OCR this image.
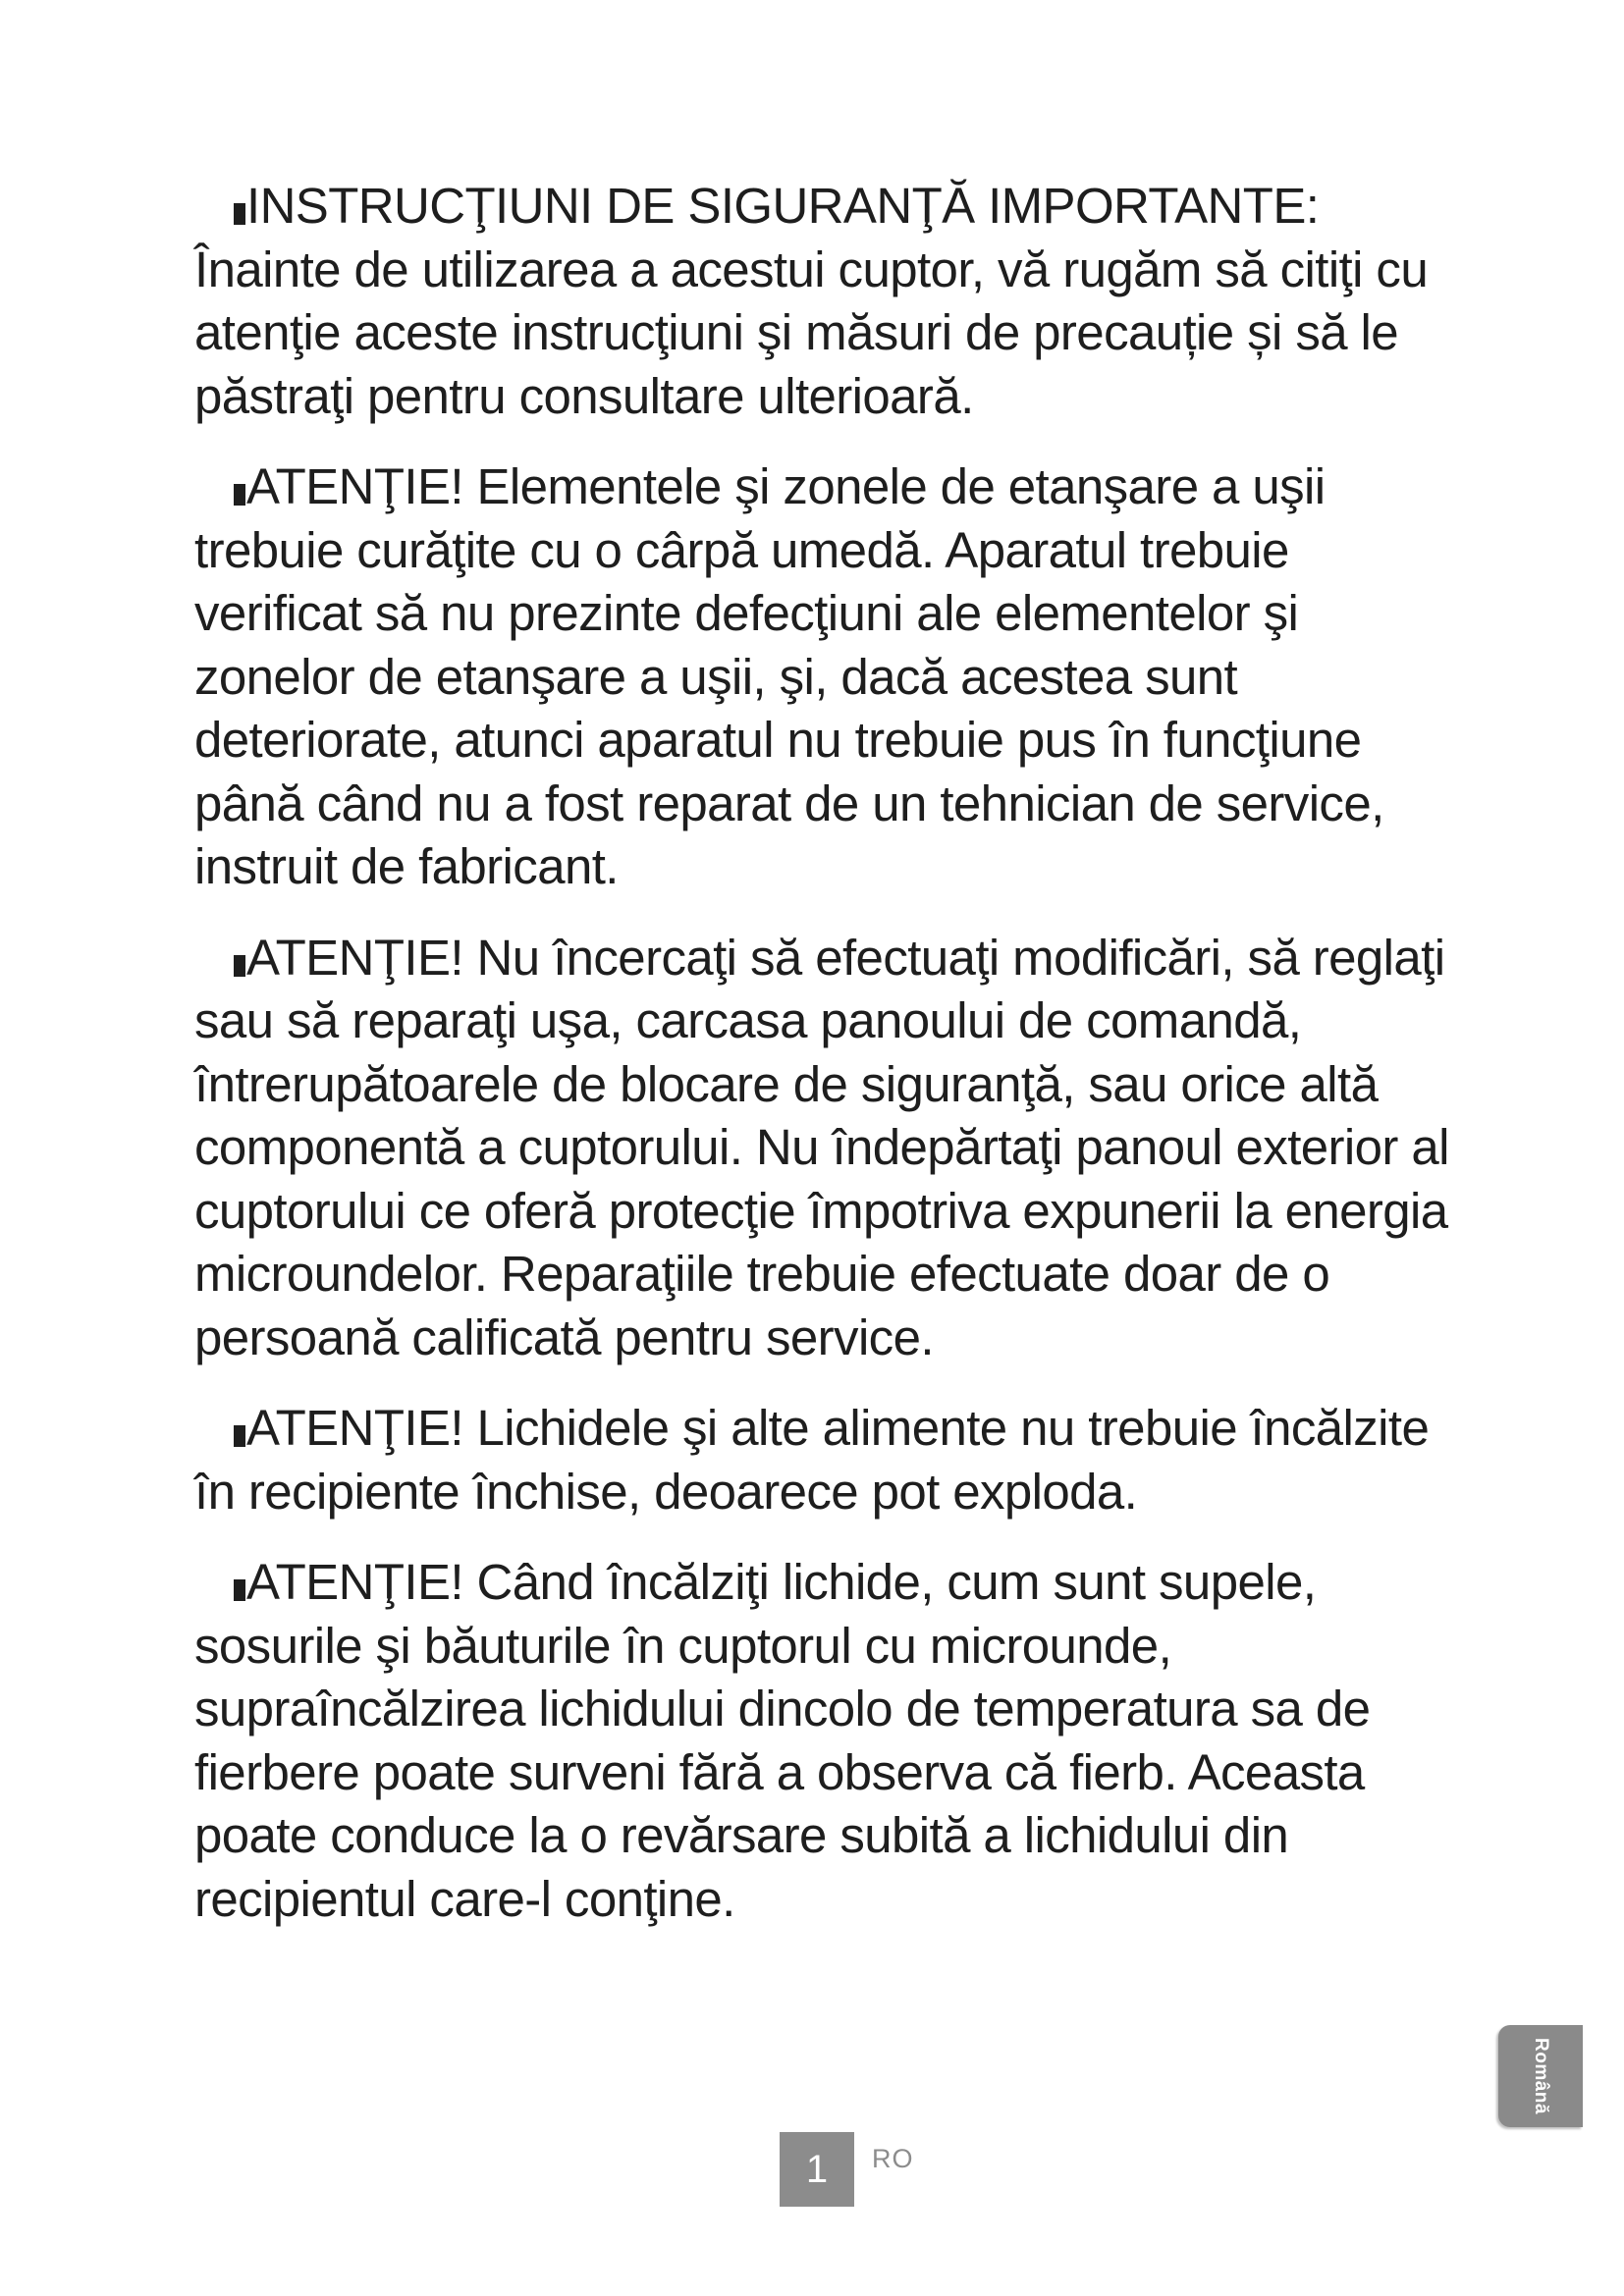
INSTRUCŢIUNI DE SIGURANŢĂ IMPORTANTE: Înainte de utilizarea a acestui cuptor, vă rugăm să citiţi cu atenţie aceste instrucţiuni şi măsuri de precauție și să le păstraţi pentru consultare ulterioară.

ATENŢIE! Elementele şi zonele de etanşare a uşii trebuie curăţite cu o cârpă umedă. Aparatul trebuie verificat să nu prezinte defecţiuni ale elementelor şi zonelor de etanşare a uşii, şi, dacă acestea sunt deteriorate, atunci aparatul nu trebuie pus în funcţiune până când nu a fost reparat de un tehnician de service, instruit de fabricant.

ATENŢIE! Nu încercaţi să efectuaţi modificări, să reglaţi sau să reparaţi uşa, carcasa panoului de comandă, întrerupătoarele de blocare de siguranţă, sau orice altă componentă a cuptorului. Nu îndepărtaţi panoul exterior al cuptorului ce oferă protecţie împotriva expunerii la energia microundelor. Reparaţiile trebuie efectuate doar de o persoană calificată pentru service.

ATENŢIE! Lichidele şi alte alimente nu trebuie încălzite în recipiente închise, deoarece pot exploda.

ATENŢIE! Când încălziţi lichide, cum sunt supele, sosurile şi băuturile în cuptorul cu microunde, supraîncălzirea lichidului dincolo de temperatura sa de fierbere poate surveni fără a observa că fierb. Aceasta poate conduce la o revărsare subită a lichidului din recipientul care-l conţine.

Română
1	RO
